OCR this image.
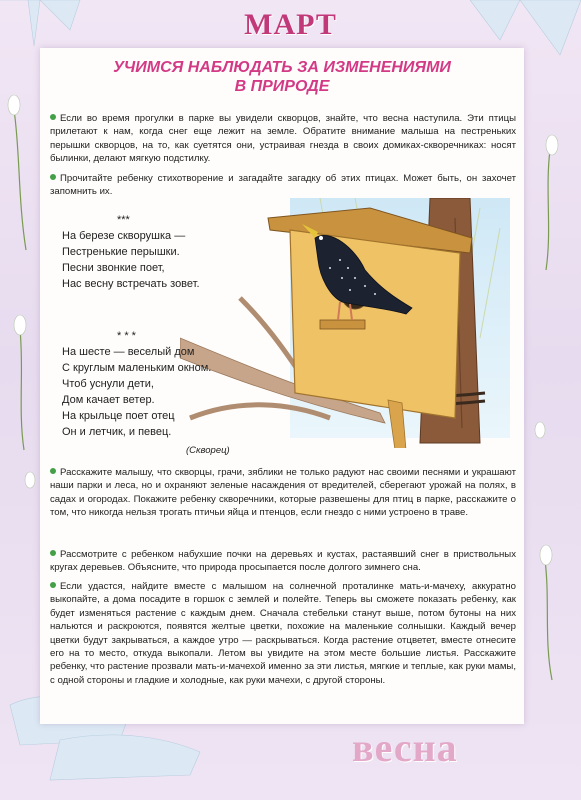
МАРТ
УЧИМСЯ НАБЛЮДАТЬ ЗА ИЗМЕНЕНИЯМИ
В ПРИРОДЕ
Если во время прогулки в парке вы увидели скворцов, знайте, что весна наступила. Эти птицы прилетают к нам, когда снег еще лежит на земле. Обратите внимание малыша на пестреньких перышки скворцов, на то, как суетятся они, устраивая гнезда в своих домиках-скворечниках: носят былинки, делают мягкую подстилку.
Прочитайте ребенку стихотворение и загадайте загадку об этих птицах. Может быть, он захочет запомнить их.
***
На березе скворушка —
Пестренькие перышки.
Песни звонкие поет,
Нас весну встречать зовет.
* * *
На шесте — веселый дом
С круглым маленьким окном.
Чтоб уснули дети,
Дом качает ветер.
На крыльце поет отец
Он и летчик, и певец.
(Скворец)
Расскажите малышу, что скворцы, грачи, зяблики не только радуют нас своими песнями и украшают наши парки и леса, но и охраняют зеленые насаждения от вредителей, сберегают урожай на полях, в садах и огородах. Покажите ребенку скворечники, которые развешены для птиц в парке, расскажите о том, что никогда нельзя трогать птичьи яйца и птенцов, если гнездо с ними устроено в траве.
Рассмотрите с ребенком набухшие почки на деревьях и кустах, растаявший снег в приствольных кругах деревьев. Объясните, что природа просыпается после долгого зимнего сна.
Если удастся, найдите вместе с малышом на солнечной проталинке мать-и-мачеху, аккуратно выкопайте, а дома посадите в горшок с землей и полейте. Теперь вы сможете показать ребенку, как будет изменяться растение с каждым днем. Сначала стебельки станут выше, потом бутоны на них нальются и раскроются, появятся желтые цветки, похожие на маленькие солнышки. Каждый вечер цветки будут закрываться, а каждое утро — раскрываться. Когда растение отцветет, вместе отнесите его на то место, откуда выкопали. Летом вы увидите на этом месте большие листья. Расскажите ребенку, что растение прозвали мать-и-мачехой именно за эти листья, мягкие и теплые, как руки мамы, с одной стороны и гладкие и холодные, как руки мачехи, с другой стороны.
весна
